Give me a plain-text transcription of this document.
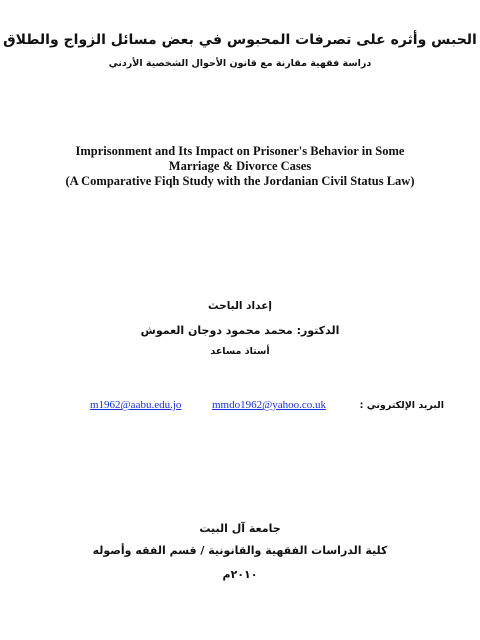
الحبس وأثره على تصرفات المحبوس في بعض مسائل الزواج والطلاق
دراسة فقهية مقارنة مع قانون الأحوال الشخصية الأردني
Imprisonment and Its Impact on Prisoner's Behavior in Some
Marriage & Divorce Cases
(A Comparative Fiqh Study with the Jordanian Civil Status Law)
إعداد الباحث
الدكتور: محمد محمود دوجان العموش
أستاذ مساعد
البريد الإلكتروني :
mmdo1962@yahoo.co.uk
m1962@aabu.edu.jo
جامعة آل البيت
كلية الدراسات الفقهية والقانونية / قسم الفقه وأصوله
٢٠١٠م
